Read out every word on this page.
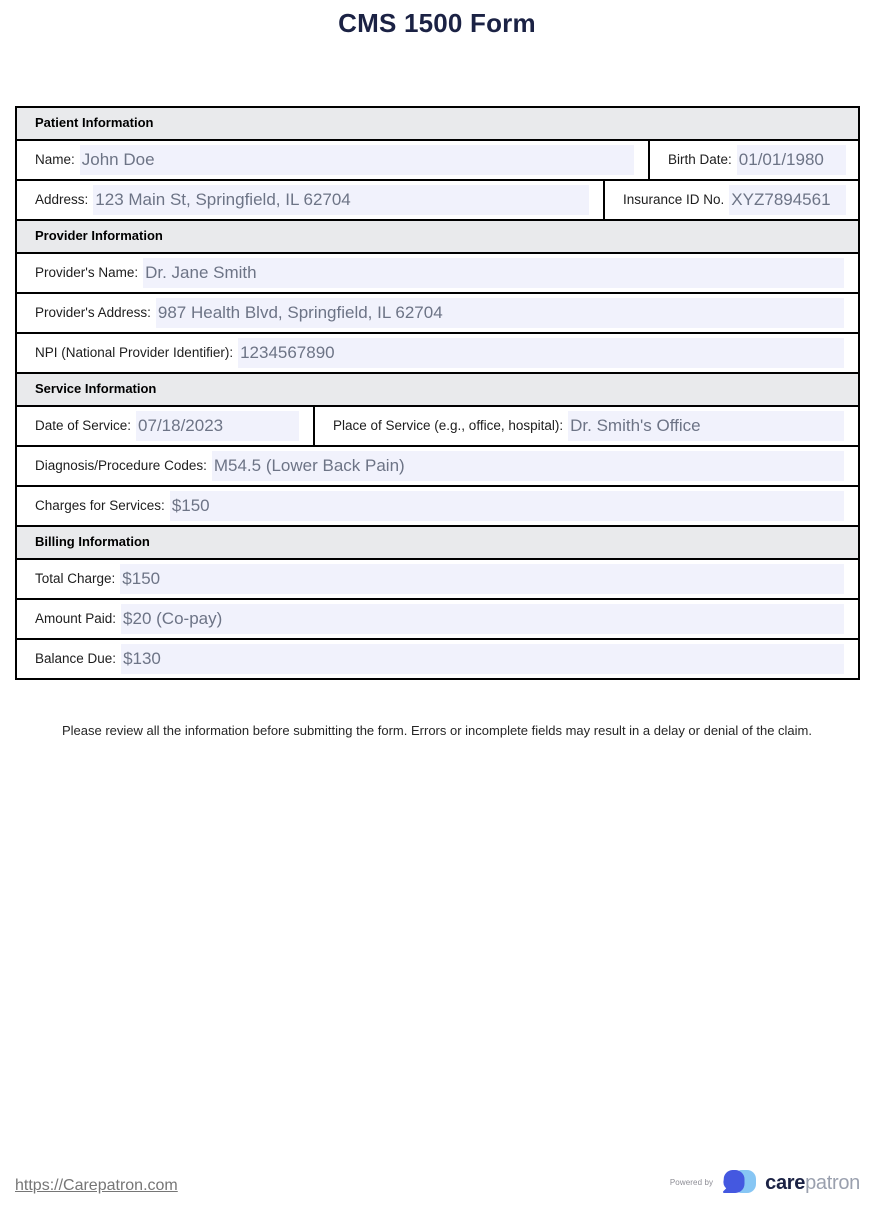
CMS 1500 Form
Patient Information
Name: John Doe	Birth Date: 01/01/1980
Address: 123 Main St, Springfield, IL 62704	Insurance ID No. XYZ7894561
Provider Information
Provider's Name: Dr. Jane Smith
Provider's Address: 987 Health Blvd, Springfield, IL 62704
NPI (National Provider Identifier): 1234567890
Service Information
Date of Service: 07/18/2023	Place of Service (e.g., office, hospital): Dr. Smith's Office
Diagnosis/Procedure Codes: M54.5 (Lower Back Pain)
Charges for Services: $150
Billing Information
Total Charge: $150
Amount Paid: $20 (Co-pay)
Balance Due: $130
Please review all the information before submitting the form. Errors or incomplete fields may result in a delay or denial of the claim.
https://Carepatron.com	Powered by	carepatron
